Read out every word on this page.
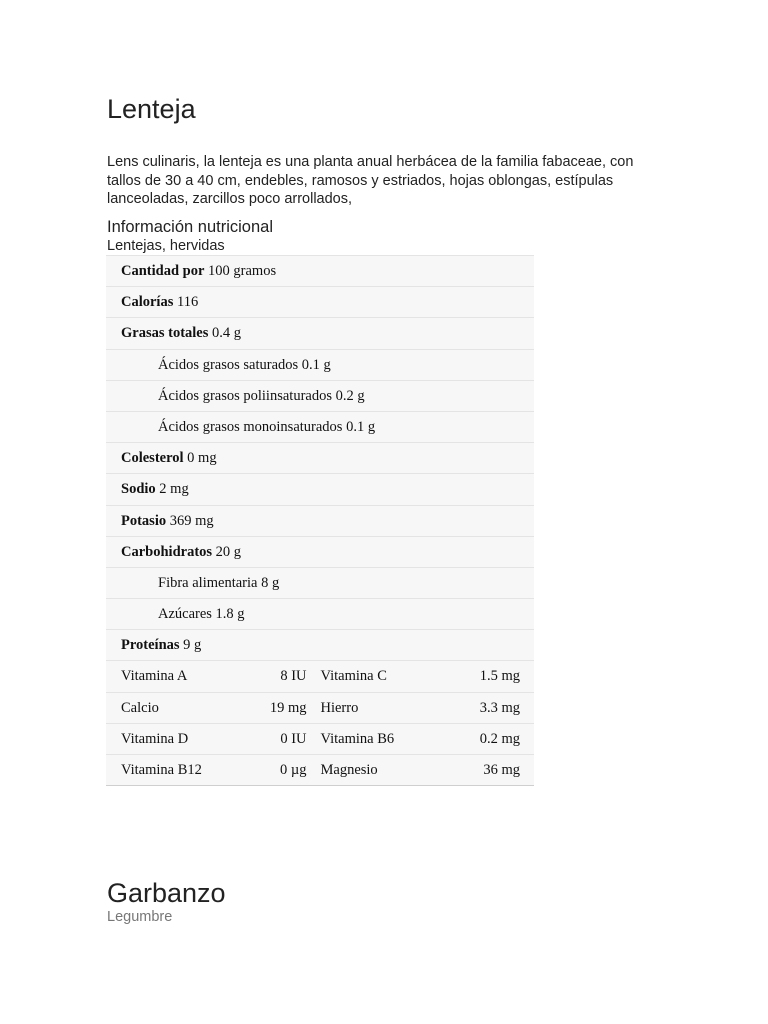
Lenteja

Lens culinaris, la lenteja es una planta anual herbácea de la familia fabaceae, con tallos de 30 a 40 cm, endebles, ramosos y estriados, hojas oblongas, estípulas lanceoladas, zarcillos poco arrollados,

Información nutricional
Lentejas, hervidas
Cantidad por 100 gramos
Calorías 116
Grasas totales 0.4 g
Ácidos grasos saturados 0.1 g
Ácidos grasos poliinsaturados 0.2 g
Ácidos grasos monoinsaturados 0.1 g
Colesterol 0 mg
Sodio 2 mg
Potasio 369 mg
Carbohidratos 20 g
Fibra alimentaria 8 g
Azúcares 1.8 g
Proteínas 9 g
Vitamina A	8 IU Vitamina C	1.5 mg
Calcio	19 mg Hierro	3.3 mg
Vitamina D	0 IU Vitamina B6	0.2 mg
Vitamina B12	0 µg Magnesio	36 mg
Garbanzo
Legumbre
